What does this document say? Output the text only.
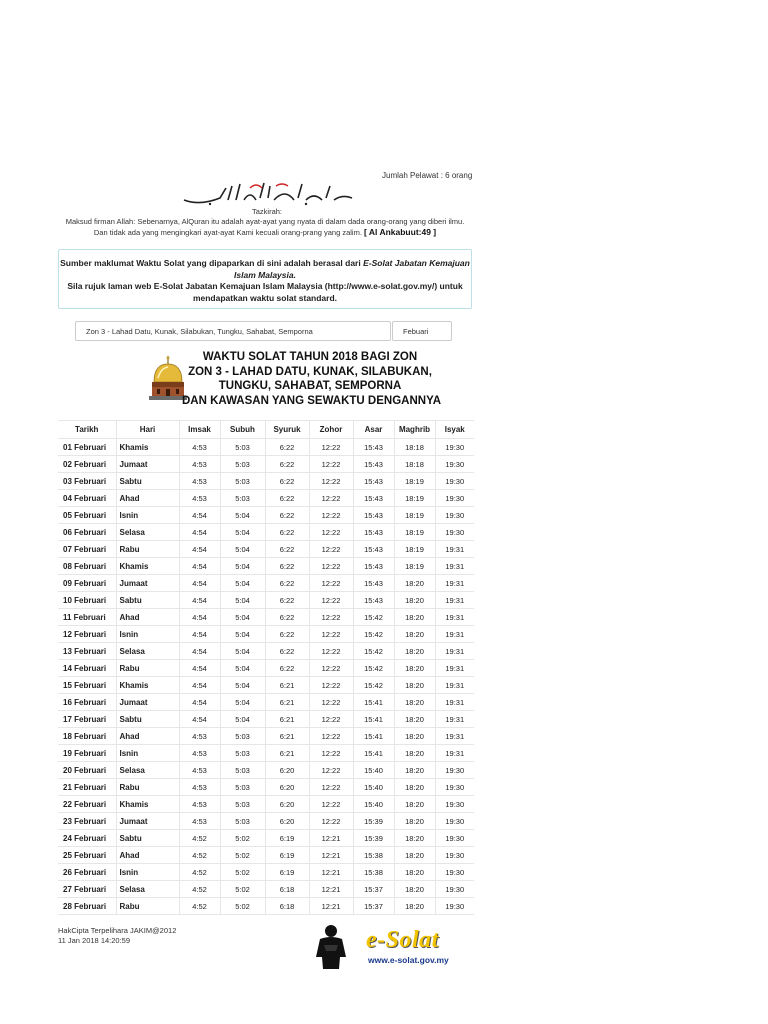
Jumlah Pelawat : 6 orang
Tazkirah:
Maksud firman Allah: Sebenarnya, AlQuran itu adalah ayat-ayat yang nyata di dalam dada orang-orang yang diberi ilmu. Dan tidak ada yang mengingkari ayat-ayat Kami kecuali orang-prang yang zalim. [ Al Ankabuut:49 ]
Sumber maklumat Waktu Solat yang dipaparkan di sini adalah berasal dari E-Solat Jabatan Kemajuan Islam Malaysia.
Sila rujuk laman web E-Solat Jabatan Kemajuan Islam Malaysia (http://www.e-solat.gov.my/) untuk mendapatkan waktu solat standard.
Zon 3 - Lahad Datu, Kunak, Silabukan, Tungku, Sahabat, Semporna	Febuari
WAKTU SOLAT TAHUN 2018 BAGI ZON
ZON 3 - LAHAD DATU, KUNAK, SILABUKAN,
TUNGKU, SAHABAT, SEMPORNA
DAN KAWASAN YANG SEWAKTU DENGANNYA
Tarikh	Hari	Imsak	Subuh	Syuruk	Zohor	Asar	Maghrib	Isyak
01 Februari	Khamis	4:53	5:03	6:22	12:22	15:43	18:18	19:30
02 Februari	Jumaat	4:53	5:03	6:22	12:22	15:43	18:18	19:30
03 Februari	Sabtu	4:53	5:03	6:22	12:22	15:43	18:19	19:30
04 Februari	Ahad	4:53	5:03	6:22	12:22	15:43	18:19	19:30
05 Februari	Isnin	4:54	5:04	6:22	12:22	15:43	18:19	19:30
06 Februari	Selasa	4:54	5:04	6:22	12:22	15:43	18:19	19:30
07 Februari	Rabu	4:54	5:04	6:22	12:22	15:43	18:19	19:31
08 Februari	Khamis	4:54	5:04	6:22	12:22	15:43	18:19	19:31
09 Februari	Jumaat	4:54	5:04	6:22	12:22	15:43	18:20	19:31
10 Februari	Sabtu	4:54	5:04	6:22	12:22	15:43	18:20	19:31
11 Februari	Ahad	4:54	5:04	6:22	12:22	15:42	18:20	19:31
12 Februari	Isnin	4:54	5:04	6:22	12:22	15:42	18:20	19:31
13 Februari	Selasa	4:54	5:04	6:22	12:22	15:42	18:20	19:31
14 Februari	Rabu	4:54	5:04	6:22	12:22	15:42	18:20	19:31
15 Februari	Khamis	4:54	5:04	6:21	12:22	15:42	18:20	19:31
16 Februari	Jumaat	4:54	5:04	6:21	12:22	15:41	18:20	19:31
17 Februari	Sabtu	4:54	5:04	6:21	12:22	15:41	18:20	19:31
18 Februari	Ahad	4:53	5:03	6:21	12:22	15:41	18:20	19:31
19 Februari	Isnin	4:53	5:03	6:21	12:22	15:41	18:20	19:31
20 Februari	Selasa	4:53	5:03	6:20	12:22	15:40	18:20	19:30
21 Februari	Rabu	4:53	5:03	6:20	12:22	15:40	18:20	19:30
22 Februari	Khamis	4:53	5:03	6:20	12:22	15:40	18:20	19:30
23 Februari	Jumaat	4:53	5:03	6:20	12:22	15:39	18:20	19:30
24 Februari	Sabtu	4:52	5:02	6:19	12:21	15:39	18:20	19:30
25 Februari	Ahad	4:52	5:02	6:19	12:21	15:38	18:20	19:30
26 Februari	Isnin	4:52	5:02	6:19	12:21	15:38	18:20	19:30
27 Februari	Selasa	4:52	5:02	6:18	12:21	15:37	18:20	19:30
28 Februari	Rabu	4:52	5:02	6:18	12:21	15:37	18:20	19:30
HakCipta Terpelihara JAKIM@2012
11 Jan 2018 14:20:59	e-Solat
www.e-solat.gov.my
